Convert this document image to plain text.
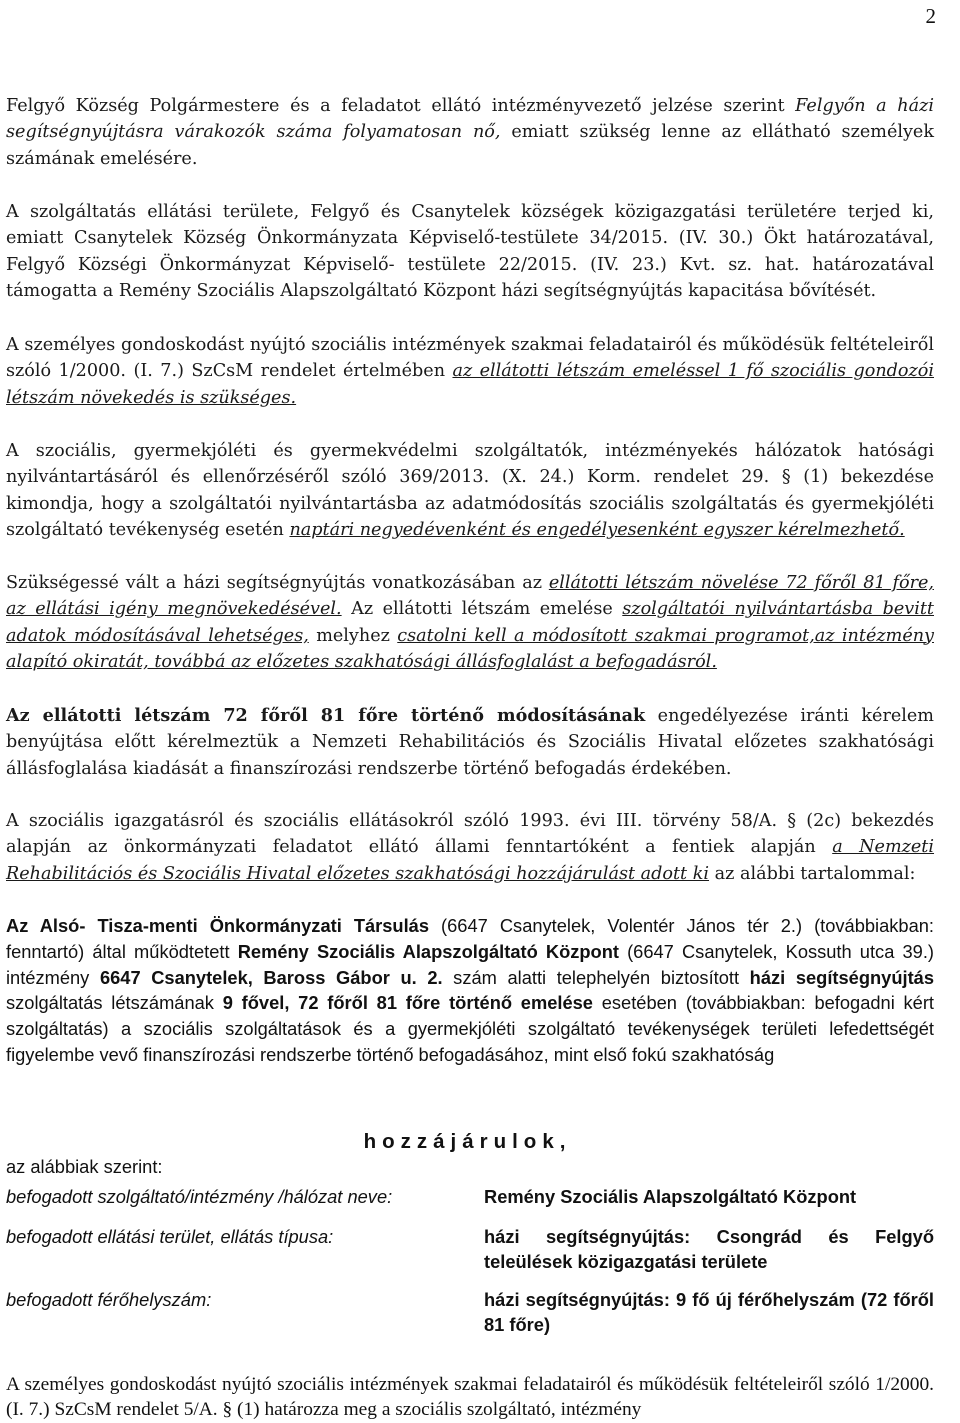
2

Felgyő Község Polgármestere és a feladatot ellátó intézményvezető jelzése szerint Felgyőn a házi segítségnyújtásra várakozók száma folyamatosan nő, emiatt szükség lenne az ellátható személyek számának emelésére.

A szolgáltatás ellátási területe, Felgyő és Csanytelek községek közigazgatási területére terjed ki, emiatt Csanytelek Község Önkormányzata Képviselő-testülete 34/2015. (IV. 30.) Ökt határozatával, Felgyő Községi Önkormányzat Képviselő- testülete 22/2015. (IV. 23.) Kvt. sz. hat. határozatával támogatta a Remény Szociális Alapszolgáltató Központ házi segítségnyújtás kapacitása bővítését.

A személyes gondoskodást nyújtó szociális intézmények szakmai feladatairól és működésük feltételeiről szóló 1/2000. (I. 7.) SzCsM rendelet értelmében az ellátotti létszám emeléssel 1 fő szociális gondozói létszám növekedés is szükséges.

A szociális, gyermekjóléti és gyermekvédelmi szolgáltatók, intézményekés hálózatok hatósági nyilvántartásáról és ellenőrzéséről szóló 369/2013. (X. 24.) Korm. rendelet 29. § (1) bekezdése kimondja, hogy a szolgáltatói nyilvántartásba az adatmódosítás szociális szolgáltatás és gyermekjóléti szolgáltató tevékenység esetén naptári negyedévenként és engedélyesenként egyszer kérelmezhető.

Szükségessé vált a házi segítségnyújtás vonatkozásában az ellátotti létszám növelése 72 főről 81 főre, az ellátási igény megnövekedésével. Az ellátotti létszám emelése szolgáltatói nyilvántartásba bevitt adatok módosításával lehetséges, melyhez csatolni kell a módosított szakmai programot,az intézmény alapító okiratát, továbbá az előzetes szakhatósági állásfoglalást a befogadásról.

Az ellátotti létszám 72 főről 81 főre történő módosításának engedélyezése iránti kérelem benyújtása előtt kérelmeztük a Nemzeti Rehabilitációs és Szociális Hivatal előzetes szakhatósági állásfoglalása kiadását a finanszírozási rendszerbe történő befogadás érdekében.

A szociális igazgatásról és szociális ellátásokról szóló 1993. évi III. törvény 58/A. § (2c) bekezdés alapján az önkormányzati feladatot ellátó állami fenntartóként a fentiek alapján a Nemzeti Rehabilitációs és Szociális Hivatal előzetes szakhatósági hozzájárulást adott ki az alábbi tartalommal:

Az Alsó- Tisza-menti Önkormányzati Társulás (6647 Csanytelek, Volentér János tér 2.) (továbbiakban: fenntartó) által működtetett Remény Szociális Alapszolgáltató Központ (6647 Csanytelek, Kossuth utca 39.) intézmény 6647 Csanytelek, Baross Gábor u. 2. szám alatti telephelyén biztosított házi segítségnyújtás szolgáltatás létszámának 9 fővel, 72 főről 81 főre történő emelése esetében (továbbiakban: befogadni kért szolgáltatás) a szociális szolgáltatások és a gyermekjóléti szolgáltató tevékenységek területi lefedettségét figyelembe vevő finanszírozási rendszerbe történő befogadásához, mint első fokú szakhatóság

hozzájárulok,
az alábbiak szerint:
befogadott szolgáltató/intézmény /hálózat neve:	Remény Szociális Alapszolgáltató Központ
befogadott ellátási terület, ellátás típusa:	házi segítségnyújtás: Csongrád és Felgyő teleülések közigazgatási területe
befogadott férőhelyszám:	házi segítségnyújtás: 9 fő új férőhelyszám (72 főről 81 főre)

A személyes gondoskodást nyújtó szociális intézmények szakmai feladatairól és működésük feltételeiről szóló 1/2000. (I. 7.) SzCsM rendelet 5/A. § (1) határozza meg a szociális szolgáltató, intézmény
